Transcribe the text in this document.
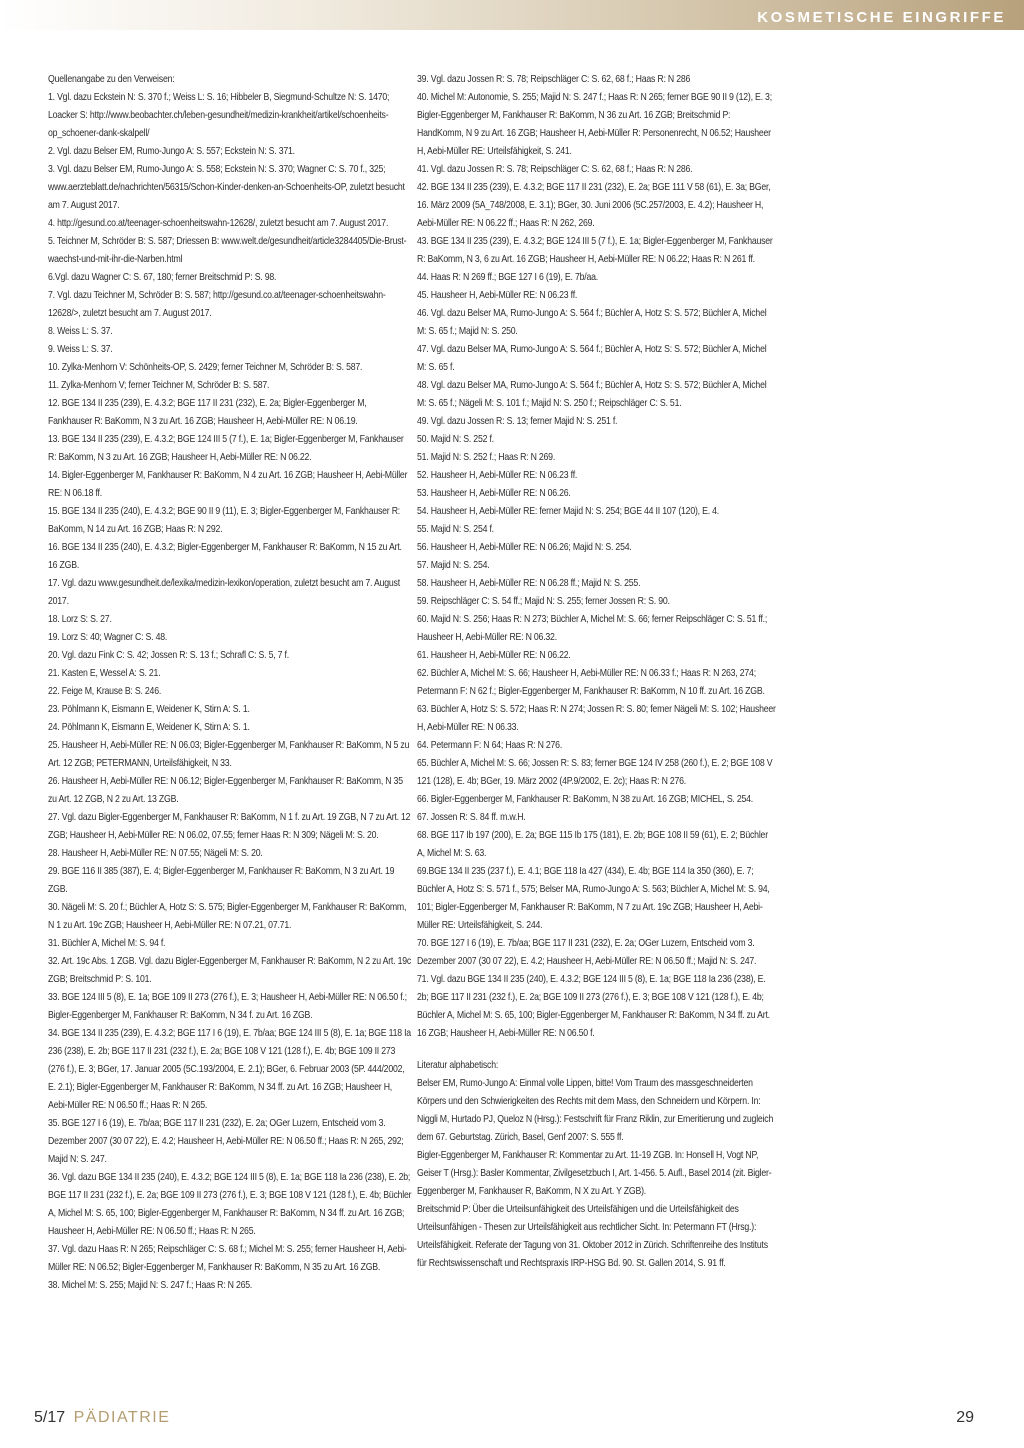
KOSMETISCHE EINGRIFFE

Quellenangabe zu den Verweisen:

1. Vgl. dazu Eckstein N: S. 370 f.; Weiss L: S. 16; Hibbeler B, Siegmund-Schultze N: S. 1470; Loacker S: http://www.beobachter.ch/leben-gesundheit/medizin-krankheit/artikel/schoenheits-op_schoener-dank-skalpell/

2. Vgl. dazu Belser EM, Rumo-Jungo A: S. 557; Eckstein N: S. 371.

3. Vgl. dazu Belser EM, Rumo-Jungo A: S. 558; Eckstein N: S. 370; Wagner C: S. 70 f., 325; www.aerzteblatt.de/nachrichten/56315/Schon-Kinder-denken-an-Schoenheits-OP, zuletzt besucht am 7. August 2017.

4. http://gesund.co.at/teenager-schoenheitswahn-12628/, zuletzt besucht am 7. August 2017.

5. Teichner M, Schröder B: S. 587; Driessen B: www.welt.de/gesundheit/article3284405/Die-Brust-waechst-und-mit-ihr-die-Narben.html

6.Vgl. dazu Wagner C: S. 67, 180; ferner Breitschmid P: S. 98.

7. Vgl. dazu Teichner M, Schröder B: S. 587; http://gesund.co.at/teenager-schoenheitswahn-12628/>, zuletzt besucht am 7. August 2017.

8. Weiss L: S. 37.

9. Weiss L: S. 37.

10. Zylka-Menhorn V: Schönheits-OP, S. 2429; ferner Teichner M, Schröder B: S. 587.

11. Zylka-Menhorn V; ferner Teichner M, Schröder B: S. 587.

12. BGE 134 II 235 (239), E. 4.3.2; BGE 117 II 231 (232), E. 2a; Bigler-Eggenberger M, Fankhauser R: BaKomm, N 3 zu Art. 16 ZGB; Hausheer H, Aebi-Müller RE: N 06.19.

13. BGE 134 II 235 (239), E. 4.3.2; BGE 124 III 5 (7 f.), E. 1a; Bigler-Eggenberger M, Fankhauser R: BaKomm, N 3 zu Art. 16 ZGB; Hausheer H, Aebi-Müller RE: N 06.22.

14. Bigler-Eggenberger M, Fankhauser R: BaKomm, N 4 zu Art. 16 ZGB; Hausheer H, Aebi-Müller RE: N 06.18 ff.

15. BGE 134 II 235 (240), E. 4.3.2; BGE 90 II 9 (11), E. 3; Bigler-Eggenberger M, Fankhauser R: BaKomm, N 14 zu Art. 16 ZGB; Haas R: N 292.

16. BGE 134 II 235 (240), E. 4.3.2; Bigler-Eggenberger M, Fankhauser R: BaKomm, N 15 zu Art. 16 ZGB.

17. Vgl. dazu www.gesundheit.de/lexika/medizin-lexikon/operation, zuletzt besucht am 7. August 2017.

18. Lorz S: S. 27.

19. Lorz S: 40; Wagner C: S. 48.

20. Vgl. dazu Fink C: S. 42; Jossen R: S. 13 f.; Schrafl C: S. 5, 7 f.

21. Kasten E, Wessel A: S. 21.

22. Feige M, Krause B: S. 246.

23. Pöhlmann K, Eismann E, Weidener K, Stirn A: S. 1.

24. Pöhlmann K, Eismann E, Weidener K, Stirn A: S. 1.

25. Hausheer H, Aebi-Müller RE: N 06.03; Bigler-Eggenberger M, Fankhauser R: BaKomm, N 5 zu Art. 12 ZGB; PETERMANN, Urteilsfähigkeit, N 33.

26. Hausheer H, Aebi-Müller RE: N 06.12; Bigler-Eggenberger M, Fankhauser R: BaKomm, N 35 zu Art. 12 ZGB, N 2 zu Art. 13 ZGB.

27. Vgl. dazu Bigler-Eggenberger M, Fankhauser R: BaKomm, N 1 f. zu Art. 19 ZGB, N 7 zu Art. 12 ZGB; Hausheer H, Aebi-Müller RE: N 06.02, 07.55; ferner Haas R: N 309; Nägeli M: S. 20.

28. Hausheer H, Aebi-Müller RE: N 07.55; Nägeli M: S. 20.

29. BGE 116 II 385 (387), E. 4; Bigler-Eggenberger M, Fankhauser R: BaKomm, N 3 zu Art. 19 ZGB.

30. Nägeli M: S. 20 f.; Büchler A, Hotz S: S. 575; Bigler-Eggenberger M, Fankhauser R: BaKomm, N 1 zu Art. 19c ZGB; Hausheer H, Aebi-Müller RE: N 07.21, 07.71.

31. Büchler A, Michel M: S. 94 f.

32. Art. 19c Abs. 1 ZGB. Vgl. dazu Bigler-Eggenberger M, Fankhauser R: BaKomm, N 2 zu Art. 19c ZGB; Breitschmid P: S. 101.

33. BGE 124 III 5 (8), E. 1a; BGE 109 II 273 (276 f.), E. 3; Hausheer H, Aebi-Müller RE: N 06.50 f.; Bigler-Eggenberger M, Fankhauser R: BaKomm, N 34 f. zu Art. 16 ZGB.

34. BGE 134 II 235 (239), E. 4.3.2; BGE 117 I 6 (19), E. 7b/aa; BGE 124 III 5 (8), E. 1a; BGE 118 Ia 236 (238), E. 2b; BGE 117 II 231 (232 f.), E. 2a; BGE 108 V 121 (128 f.), E. 4b; BGE 109 II 273 (276 f.), E. 3; BGer, 17. Januar 2005 (5C.193/2004, E. 2.1); BGer, 6. Februar 2003 (5P. 444/2002, E. 2.1); Bigler-Eggenberger M, Fankhauser R: BaKomm, N 34 ff. zu Art. 16 ZGB; Hausheer H, Aebi-Müller RE: N 06.50 ff.; Haas R: N 265.

35. BGE 127 I 6 (19), E. 7b/aa; BGE 117 II 231 (232), E. 2a; OGer Luzern, Entscheid vom 3. Dezember 2007 (30 07 22), E. 4.2; Hausheer H, Aebi-Müller RE: N 06.50 ff.; Haas R: N 265, 292; Majid N: S. 247.

36. Vgl. dazu BGE 134 II 235 (240), E. 4.3.2; BGE 124 III 5 (8), E. 1a; BGE 118 Ia 236 (238), E. 2b; BGE 117 II 231 (232 f.), E. 2a; BGE 109 II 273 (276 f.), E. 3; BGE 108 V 121 (128 f.), E. 4b; Büchler A, Michel M: S. 65, 100; Bigler-Eggenberger M, Fankhauser R: BaKomm, N 34 ff. zu Art. 16 ZGB; Hausheer H, Aebi-Müller RE: N 06.50 ff.; Haas R: N 265.

37. Vgl. dazu Haas R: N 265; Reipschläger C: S. 68 f.; Michel M: S. 255; ferner Hausheer H, Aebi-Müller RE: N 06.52; Bigler-Eggenberger M, Fankhauser R: BaKomm, N 35 zu Art. 16 ZGB.

38. Michel M: S. 255; Majid N: S. 247 f.; Haas R: N 265.

39. Vgl. dazu Jossen R: S. 78; Reipschläger C: S. 62, 68 f.; Haas R: N 286

40. Michel M: Autonomie, S. 255; Majid N: S. 247 f.; Haas R: N 265; ferner BGE 90 II 9 (12), E. 3; Bigler-Eggenberger M, Fankhauser R: BaKomm, N 36 zu Art. 16 ZGB; Breitschmid P: HandKomm, N 9 zu Art. 16 ZGB; Hausheer H, Aebi-Müller R: Personenrecht, N 06.52; Hausheer H, Aebi-Müller RE: Urteilsfähigkeit, S. 241.

41. Vgl. dazu Jossen R: S. 78; Reipschläger C: S. 62, 68 f.; Haas R: N 286.

42. BGE 134 II 235 (239), E. 4.3.2; BGE 117 II 231 (232), E. 2a; BGE 111 V 58 (61), E. 3a; BGer, 16. März 2009 (5A_748/2008, E. 3.1); BGer, 30. Juni 2006 (5C.257/2003, E. 4.2); Hausheer H, Aebi-Müller RE: N 06.22 ff.; Haas R: N 262, 269.

43. BGE 134 II 235 (239), E. 4.3.2; BGE 124 III 5 (7 f.), E. 1a; Bigler-Eggenberger M, Fankhauser R: BaKomm, N 3, 6 zu Art. 16 ZGB; Hausheer H, Aebi-Müller RE: N 06.22; Haas R: N 261 ff.

44. Haas R: N 269 ff.; BGE 127 I 6 (19), E. 7b/aa.

45. Hausheer H, Aebi-Müller RE: N 06.23 ff.

46. Vgl. dazu Belser MA, Rumo-Jungo A: S. 564 f.; Büchler A, Hotz S: S. 572; Büchler A, Michel M: S. 65 f.; Majid N: S. 250.

47. Vgl. dazu Belser MA, Rumo-Jungo A: S. 564 f.; Büchler A, Hotz S: S. 572; Büchler A, Michel M: S. 65 f.

48. Vgl. dazu Belser MA, Rumo-Jungo A: S. 564 f.; Büchler A, Hotz S: S. 572; Büchler A, Michel M: S. 65 f.; Nägeli M: S. 101 f.; Majid N: S. 250 f.; Reipschläger C: S. 51.

49. Vgl. dazu Jossen R: S. 13; ferner Majid N: S. 251 f.

50. Majid N: S. 252 f.

51. Majid N: S. 252 f.; Haas R: N 269.

52. Hausheer H, Aebi-Müller RE: N 06.23 ff.

53. Hausheer H, Aebi-Müller RE: N 06.26.

54. Hausheer H, Aebi-Müller RE: ferner Majid N: S. 254; BGE 44 II 107 (120), E. 4.

55. Majid N: S. 254 f.

56. Hausheer H, Aebi-Müller RE: N 06.26; Majid N: S. 254.

57. Majid N: S. 254.

58. Hausheer H, Aebi-Müller RE: N 06.28 ff.; Majid N: S. 255.

59. Reipschläger C: S. 54 ff.; Majid N: S. 255; ferner Jossen R: S. 90.

60. Majid N: S. 256; Haas R: N 273; Büchler A, Michel M: S. 66; ferner Reipschläger C: S. 51 ff.; Hausheer H, Aebi-Müller RE: N 06.32.

61. Hausheer H, Aebi-Müller RE: N 06.22.

62. Büchler A, Michel M: S. 66; Hausheer H, Aebi-Müller RE: N 06.33 f.; Haas R: N 263, 274; Petermann F: N 62 f.; Bigler-Eggenberger M, Fankhauser R: BaKomm, N 10 ff. zu Art. 16 ZGB.

63. Büchler A, Hotz S: S. 572; Haas R: N 274; Jossen R: S. 80; ferner Nägeli M: S. 102; Hausheer H, Aebi-Müller RE: N 06.33.

64. Petermann F: N 64; Haas R: N 276.

65. Büchler A, Michel M: S. 66; Jossen R: S. 83; ferner BGE 124 IV 258 (260 f.), E. 2; BGE 108 V 121 (128), E. 4b; BGer, 19. März 2002 (4P.9/2002, E. 2c); Haas R: N 276.

66. Bigler-Eggenberger M, Fankhauser R: BaKomm, N 38 zu Art. 16 ZGB; MICHEL, S. 254.

67. Jossen R: S. 84 ff. m.w.H.

68. BGE 117 Ib 197 (200), E. 2a; BGE 115 Ib 175 (181), E. 2b; BGE 108 II 59 (61), E. 2; Büchler A, Michel M: S. 63.

69.BGE 134 II 235 (237 f.), E. 4.1; BGE 118 Ia 427 (434), E. 4b; BGE 114 Ia 350 (360), E. 7; Büchler A, Hotz S: S. 571 f., 575; Belser MA, Rumo-Jungo A: S. 563; Büchler A, Michel M: S. 94, 101; Bigler-Eggenberger M, Fankhauser R: BaKomm, N 7 zu Art. 19c ZGB; Hausheer H, Aebi-Müller RE: Urteilsfähigkeit, S. 244.

70. BGE 127 I 6 (19), E. 7b/aa; BGE 117 II 231 (232), E. 2a; OGer Luzern, Entscheid vom 3. Dezember 2007 (30 07 22), E. 4.2; Hausheer H, Aebi-Müller RE: N 06.50 ff.; Majid N: S. 247.

71. Vgl. dazu BGE 134 II 235 (240), E. 4.3.2; BGE 124 III 5 (8), E. 1a; BGE 118 Ia 236 (238), E. 2b; BGE 117 II 231 (232 f.), E. 2a; BGE 109 II 273 (276 f.), E. 3; BGE 108 V 121 (128 f.), E. 4b; Büchler A, Michel M: S. 65, 100; Bigler-Eggenberger M, Fankhauser R: BaKomm, N 34 ff. zu Art. 16 ZGB; Hausheer H, Aebi-Müller RE: N 06.50 f.

Literatur alphabetisch:

Belser EM, Rumo-Jungo A: Einmal volle Lippen, bitte! Vom Traum des massgeschneiderten Körpers und den Schwierigkeiten des Rechts mit dem Mass, den Schneidern und Körpern. In: Niggli M, Hurtado PJ, Queloz N (Hrsg.): Festschrift für Franz Riklin, zur Emeritierung und zugleich dem 67. Geburtstag. Zürich, Basel, Genf 2007: S. 555 ff.

Bigler-Eggenberger M, Fankhauser R: Kommentar zu Art. 11-19 ZGB. In: Honsell H, Vogt NP, Geiser T (Hrsg.): Basler Kommentar, Zivilgesetzbuch I, Art. 1-456. 5. Aufl., Basel 2014 (zit. Bigler-Eggenberger M, Fankhauser R, BaKomm, N X zu Art. Y ZGB).

Breitschmid P: Über die Urteilsunfähigkeit des Urteilsfähigen und die Urteilsfähigkeit des Urteilsunfähigen - Thesen zur Urteilsfähigkeit aus rechtlicher Sicht. In: Petermann FT (Hrsg.): Urteilsfähigkeit. Referate der Tagung von 31. Oktober 2012 in Zürich. Schriftenreihe des Instituts für Rechtswissenschaft und Rechtspraxis IRP-HSG Bd. 90. St. Gallen 2014, S. 91 ff.

5/17 PÄDIATRIE	29
